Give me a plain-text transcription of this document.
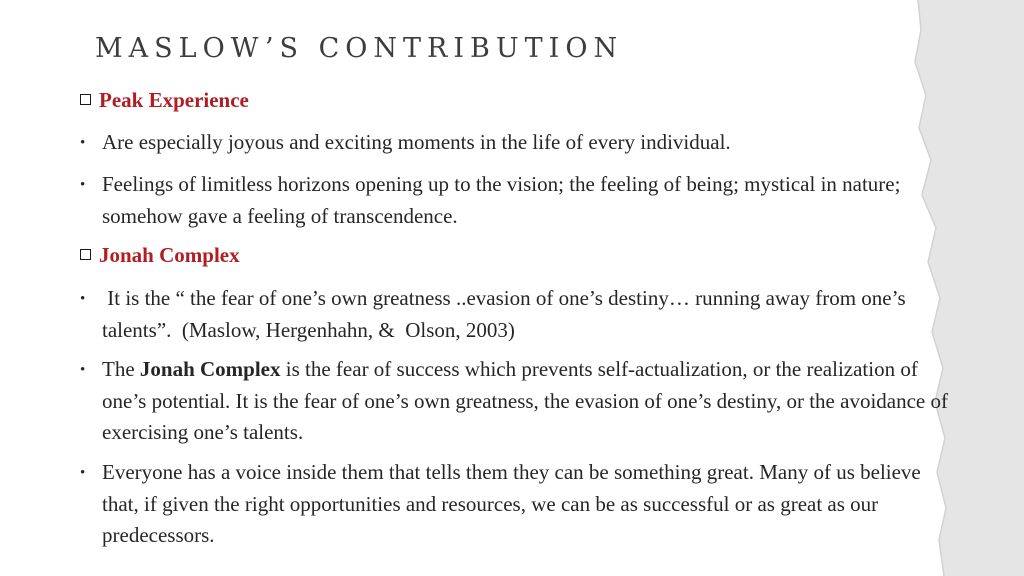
MASLOW’S CONTRIBUTION
Peak Experience
• Are especially joyous and exciting moments in the life of every individual.
• Feelings of limitless horizons opening up to the vision; the feeling of being; mystical in nature; somehow gave a feeling of transcendence.
Jonah Complex
• It is the “ the fear of one’s own greatness ..evasion of one’s destiny… running away from one’s talents”.  (Maslow, Hergenhahn, &  Olson, 2003)
• The Jonah Complex is the fear of success which prevents self-actualization, or the realization of one’s potential. It is the fear of one’s own greatness, the evasion of one’s destiny, or the avoidance of exercising one’s talents.
• Everyone has a voice inside them that tells them they can be something great. Many of us believe that, if given the right opportunities and resources, we can be as successful or as great as our predecessors.
